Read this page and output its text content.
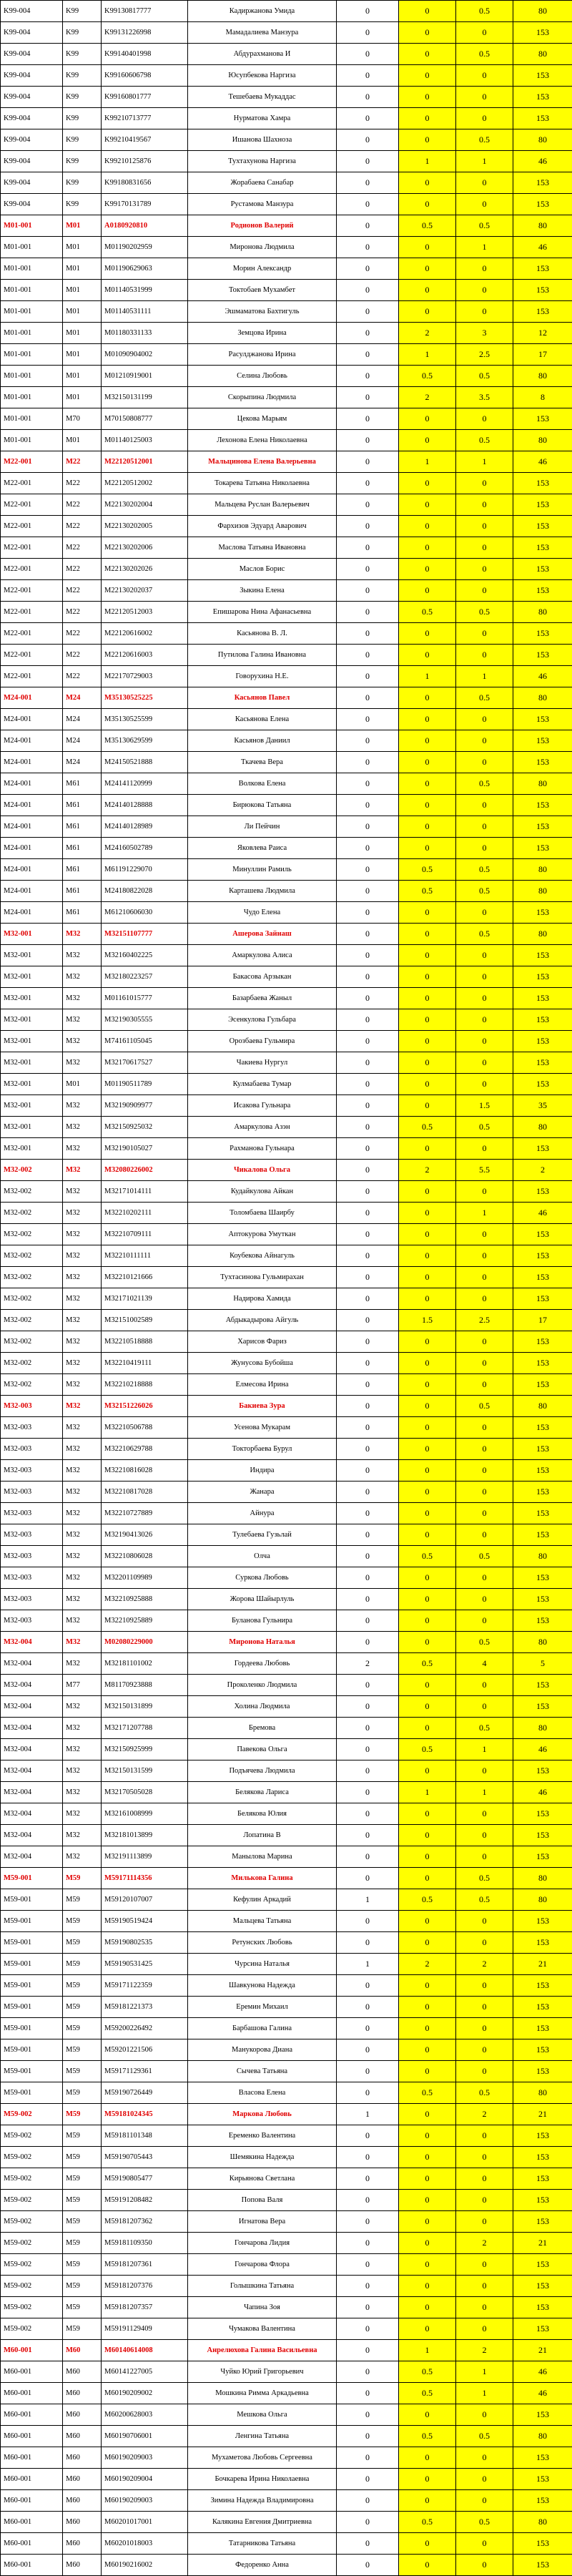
K99-004	K99	K99130817777	Кадиржанова Умида	0	0	0.5	80
K99-004	K99	K99131226998	Мамадалиева Манзура	0	0	0	153
K99-004	K99	K99140401998	Абдурахманова И	0	0	0.5	80
K99-004	K99	K99160606798	Юсупбекова Наргиза	0	0	0	153
K99-004	K99	K99160801777	Тешебаева Мукаддас	0	0	0	153
K99-004	K99	K99210713777	Нурматова Хамра	0	0	0	153
K99-004	K99	K99210419567	Ишанова Шахноза	0	0	0.5	80
K99-004	K99	K99210125876	Тухтахунова Наргиза	0	1	1	46
K99-004	K99	K99180831656	Жорабаева Санабар	0	0	0	153
K99-004	K99	K99170131789	Рустамова Манзура	0	0	0	153
M01-001	M01	A0180920810	Родионов Валерий	0	0.5	0.5	80
M01-001	M01	M01190202959	Миронова Людмила	0	0	1	46
M01-001	M01	M01190629063	Морин Александр	0	0	0	153
M01-001	M01	M01140531999	Токтобаев Мухамбет	0	0	0	153
M01-001	M01	M01140531111	Эшмаматова Бахтигуль	0	0	0	153
M01-001	M01	M01180331133	Земцова Ирина	0	2	3	12
M01-001	M01	M01090904002	Расулджанова Ирина	0	1	2.5	17
M01-001	M01	M01210919001	Селина Любовь	0	0.5	0.5	80
M01-001	M01	M32150131199	Скорыпина Людмила	0	2	3.5	8
M01-001	M70	M70150808777	Цекова Марьям	0	0	0	153
M01-001	M01	M01140125003	Лехонова Елена Николаевна	0	0	0.5	80
M22-001	M22	M22120512001	Мальцинова Елена Валерьевна	0	1	1	46
M22-001	M22	M22120512002	Токарева Татьяна Николаевна	0	0	0	153
M22-001	M22	M22130202004	Мальцева Руслан Валерьевич	0	0	0	153
M22-001	M22	M22130202005	Фархизов Эдуард Аварович	0	0	0	153
M22-001	M22	M22130202006	Маслова Татьяна Ивановна	0	0	0	153
M22-001	M22	M22130202026	Маслов Борис	0	0	0	153
M22-001	M22	M22130202037	Зыкина Елена	0	0	0	153
M22-001	M22	M22120512003	Епишарова Нина Афанасьевна	0	0.5	0.5	80
M22-001	M22	M22120616002	Касьянова В. Л.	0	0	0	153
M22-001	M22	M22120616003	Путилова Галина Ивановна	0	0	0	153
M22-001	M22	M22170729003	Говорухина Н.Е.	0	1	1	46
M24-001	M24	M35130525225	Касьянов Павел	0	0	0.5	80
M24-001	M24	M35130525599	Касьянова Елена	0	0	0	153
M24-001	M24	M35130629599	Касьянов Даниил	0	0	0	153
M24-001	M24	M24150521888	Ткачева Вера	0	0	0	153
M24-001	M61	M24141120999	Волкова Елена	0	0	0.5	80
M24-001	M61	M24140128888	Бирюкова Татьяна	0	0	0	153
M24-001	M61	M24140128989	Ли Пейчин	0	0	0	153
M24-001	M61	M24160502789	Яковлева Раиса	0	0	0	153
M24-001	M61	M61191229070	Минуллин Рамиль	0	0.5	0.5	80
M24-001	M61	M24180822028	Карташева Людмила	0	0.5	0.5	80
M24-001	M61	M61210606030	Чудо Елена	0	0	0	153
M32-001	M32	M32151107777	Ашерова Зайнаш	0	0	0.5	80
M32-001	M32	M32160402225	Амаркулова Алиса	0	0	0	153
M32-001	M32	M32180223257	Бакасова Арзыкан	0	0	0	153
M32-001	M32	M01161015777	Базарбаева Жаныл	0	0	0	153
M32-001	M32	M32190305555	Эсенкулова Гульбара	0	0	0	153
M32-001	M32	M74161105045	Орозбаева Гульмира	0	0	0	153
M32-001	M32	M32170617527	Чакиева Нургул	0	0	0	153
M32-001	M01	M01190511789	Кулмабаева Тумар	0	0	0	153
M32-001	M32	M32190909977	Исакова Гульнара	0	0	1.5	35
M32-001	M32	M32150925032	Амаркулова Азэн	0	0.5	0.5	80
M32-001	M32	M32190105027	Рахманова Гульнара	0	0	0	153
M32-002	M32	M32080226002	Чикалова Ольга	0	2	5.5	2
M32-002	M32	M32171014111	Кудайкулова Айкан	0	0	0	153
M32-002	M32	M32210202111	Толомбаева Шаирбу	0	0	1	46
M32-002	M32	M32210709111	Аптокурова Умуткан	0	0	0	153
M32-002	M32	M32210111111	Коубекова Айнагуль	0	0	0	153
M32-002	M32	M32210121666	Тухтасинова Гульмирахан	0	0	0	153
M32-002	M32	M32171021139	Надирова Хамида	0	0	0	153
M32-002	M32	M32151002589	Абдыкадырова Айгуль	0	1.5	2.5	17
M32-002	M32	M32210518888	Харисов Фариз	0	0	0	153
M32-002	M32	M32210419111	Жунусова Бубойша	0	0	0	153
M32-002	M32	M32210218888	Елмесова Ирина	0	0	0	153
M32-003	M32	M32151226026	Бакиева Зура	0	0	0.5	80
M32-003	M32	M32210506788	Усенова Мукарам	0	0	0	153
M32-003	M32	M32210629788	Токторбаева Бурул	0	0	0	153
M32-003	M32	M32210816028	Индира	0	0	0	153
M32-003	M32	M32210817028	Жанара	0	0	0	153
M32-003	M32	M32210727889	Айнура	0	0	0	153
M32-003	M32	M32190413026	Тулебаева Гузьлай	0	0	0	153
M32-003	M32	M32210806028	Олча	0	0.5	0.5	80
M32-003	M32	M32201109989	Суркова Любовь	0	0	0	153
M32-003	M32	M32210925888	Жорова Шайырлуль	0	0	0	153
M32-003	M32	M32210925889	Буланова Гульнира	0	0	0	153
M32-004	M32	M02080229000	Миронова Наталья	0	0	0.5	80
M32-004	M32	M32181101002	Гордеева Любовь	2	0.5	4	5
M32-004	M77	M81170923888	Проколенко Людмила	0	0	0	153
M32-004	M32	M32150131899	Холина Людмила	0	0	0	153
M32-004	M32	M32171207788	Бремова	0	0	0.5	80
M32-004	M32	M32150925999	Павекова Ольга	0	0.5	1	46
M32-004	M32	M32150131599	Подъячева Людмила	0	0	0	153
M32-004	M32	M32170505028	Белякова Лариса	0	1	1	46
M32-004	M32	M32161008999	Белякова Юлия	0	0	0	153
M32-004	M32	M32181013899	Лопатина В	0	0	0	153
M32-004	M32	M32191113899	Манылова Марина	0	0	0	153
M59-001	M59	M59171114356	Милькова Галина	0	0	0.5	80
M59-001	M59	M59120107007	Кефулин Аркадий	1	0.5	0.5	80
M59-001	M59	M59190519424	Мальцева Татьяна	0	0	0	153
M59-001	M59	M59190802535	Ретунских Любовь	0	0	0	153
M59-001	M59	M59190531425	Чурсина Наталья	1	2	2	21
M59-001	M59	M59171122359	Шавкунова Надежда	0	0	0	153
M59-001	M59	M59181221373	Еремин Михаил	0	0	0	153
M59-001	M59	M59200226492	Барбашова Галина	0	0	0	153
M59-001	M59	M59201221506	Манукорова Диана	0	0	0	153
M59-001	M59	M59171129361	Сычева Татьяна	0	0	0	153
M59-001	M59	M59190726449	Власова Елена	0	0.5	0.5	80
M59-002	M59	M59181024345	Маркова Любовь	1	0	2	21
M59-002	M59	M59181101348	Еременко Валентина	0	0	0	153
M59-002	M59	M59190705443	Шемякина Надежда	0	0	0	153
M59-002	M59	M59190805477	Кирьянова Светлана	0	0	0	153
M59-002	M59	M59191208482	Попова Валя	0	0	0	153
M59-002	M59	M59181207362	Игнатова Вера	0	0	0	153
M59-002	M59	M59181109350	Гончарова Лидия	0	0	2	21
M59-002	M59	M59181207361	Гончарова Флора	0	0	0	153
M59-002	M59	M59181207376	Голышкина Татьяна	0	0	0	153
M59-002	M59	M59181207357	Чапина Зоя	0	0	0	153
M59-002	M59	M59191129409	Чумакова Валентина	0	0	0	153
M60-001	M60	M60140614008	Анрелюхова Галина Васильевна	0	1	2	21
M60-001	M60	M60141227005	Чуйко Юрий Григорьевич	0	0.5	1	46
M60-001	M60	M60190209002	Мошкина Римма Аркадьевна	0	0.5	1	46
M60-001	M60	M60200628003	Мешкова Ольга	0	0	0	153
M60-001	M60	M60190706001	Ленгина Татьяна	0	0.5	0.5	80
M60-001	M60	M60190209003	Мухаметова Любовь Сергеевна	0	0	0	153
M60-001	M60	M60190209004	Бочкарева Ирина Николаевна	0	0	0	153
M60-001	M60	M60190209003	Зимина Надежда Владимировна	0	0	0	153
M60-001	M60	M60201017001	Калякина Евгения Дмитриевна	0	0.5	0.5	80
M60-001	M60	M60201018003	Татарникова Татьяна	0	0	0	153
M60-001	M60	M60190216002	Федоренко Анна	0	0	0	153
